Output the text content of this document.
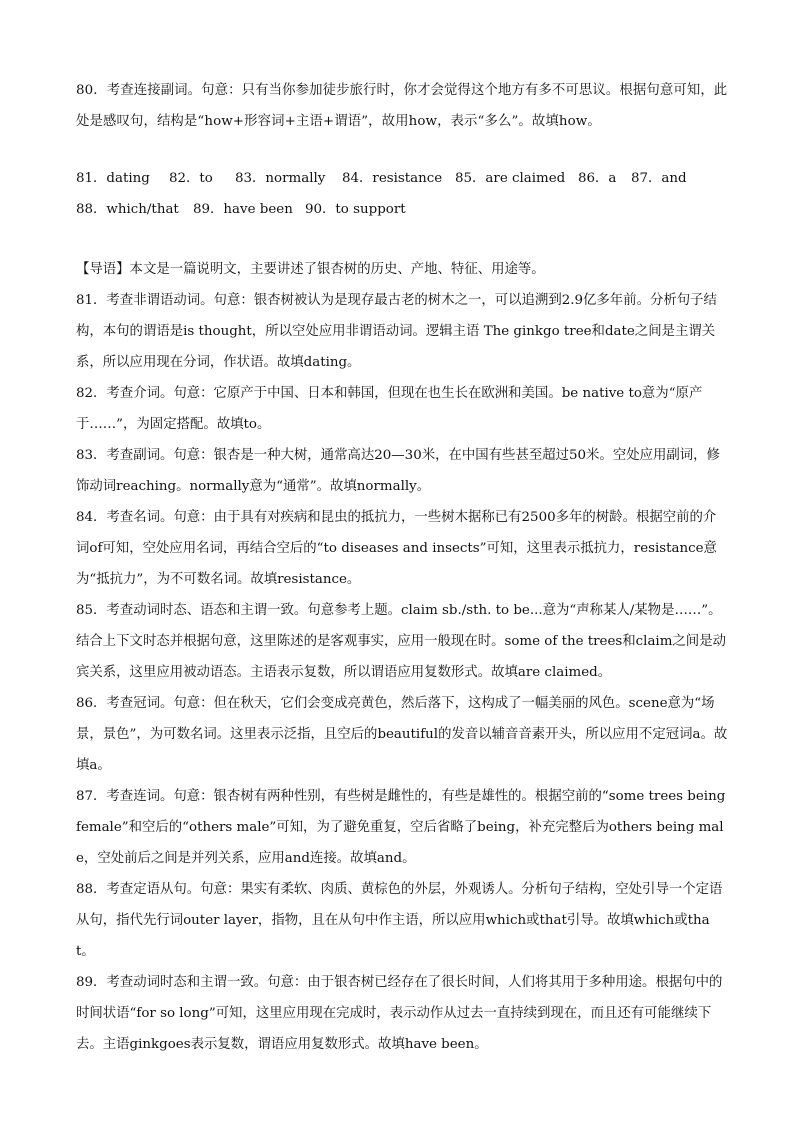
80．考查连接副词。句意：只有当你参加徒步旅行时，你才会觉得这个地方有多不可思议。根据句意可知，此处是感叹句，结构是“how+形容词+主语+谓语”，故用how，表示“多么”。故填how。

81．dating	82．to	83．normally	84．resistance 85．are claimed 86．a	87．and
88．which/that	89．have been 90．to support

【导语】本文是一篇说明文，主要讲述了银杏树的历史、产地、特征、用途等。

81．考查非谓语动词。句意：银杏树被认为是现存最古老的树木之一，可以追溯到2.9亿多年前。分析句子结构，本句的谓语是is thought，所以空处应用非谓语动词。逻辑主语 The ginkgo tree和date之间是主谓关系，所以应用现在分词，作状语。故填dating。

82．考查介词。句意：它原产于中国、日本和韩国，但现在也生长在欧洲和美国。be native to意为“原产于……”，为固定搭配。故填to。

83．考查副词。句意：银杏是一种大树，通常高达20—30米，在中国有些甚至超过50米。空处应用副词，修饰动词reaching。normally意为“通常”。故填normally。

84．考查名词。句意：由于具有对疾病和昆虫的抵抗力，一些树木据称已有2500多年的树龄。根据空前的介词of可知，空处应用名词，再结合空后的“to diseases and insects”可知，这里表示抵抗力，resistance意为“抵抗力”，为不可数名词。故填resistance。

85．考查动词时态、语态和主谓一致。句意参考上题。claim sb./sth. to be...意为“声称某人/某物是……”。结合上下文时态并根据句意，这里陈述的是客观事实，应用一般现在时。some of the trees和claim之间是动宾关系，这里应用被动语态。主语表示复数，所以谓语应用复数形式。故填are claimed。

86．考查冠词。句意：但在秋天，它们会变成亮黄色，然后落下，这构成了一幅美丽的风色。scene意为“场景，景色”，为可数名词。这里表示泛指，且空后的beautiful的发音以辅音音素开头，所以应用不定冠词a。故填a。

87．考查连词。句意：银杏树有两种性别，有些树是雌性的，有些是雄性的。根据空前的“some trees being female”和空后的“others male”可知，为了避免重复，空后省略了being，补充完整后为others being male，空处前后之间是并列关系，应用and连接。故填and。

88．考查定语从句。句意：果实有柔软、肉质、黄棕色的外层，外观诱人。分析句子结构，空处引导一个定语从句，指代先行词outer layer，指物，且在从句中作主语，所以应用which或that引导。故填which或that。

89．考查动词时态和主谓一致。句意：由于银杏树已经存在了很长时间，人们将其用于多种用途。根据句中的时间状语“for so long”可知，这里应用现在完成时，表示动作从过去一直持续到现在，而且还有可能继续下去。主语ginkgoes表示复数，谓语应用复数形式。故填have been。
